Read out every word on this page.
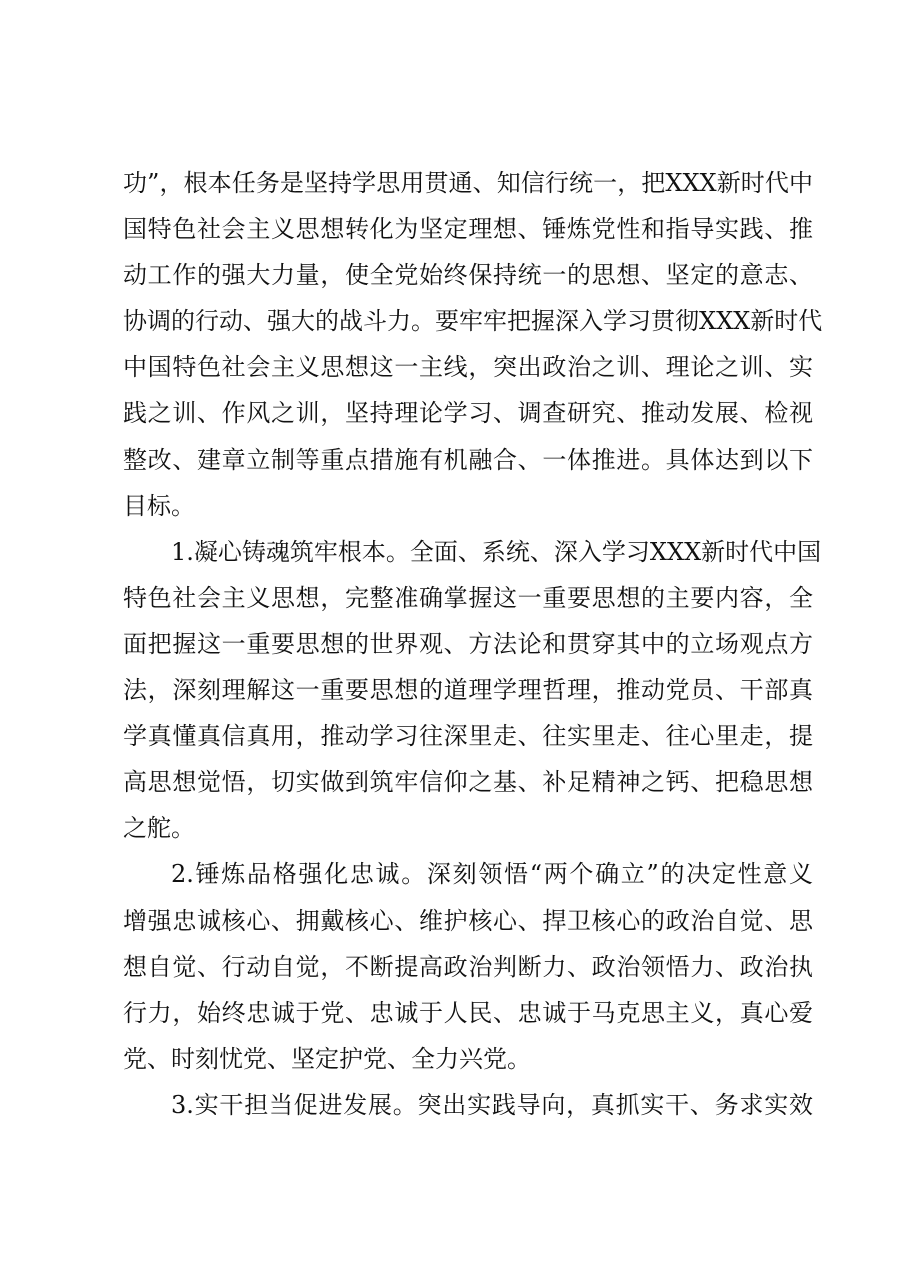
功”，根本任务是坚持学思用贯通、知信行统一，把XXX新时代中
国特色社会主义思想转化为坚定理想、锤炼党性和指导实践、推
动工作的强大力量，使全党始终保持统一的思想、坚定的意志、
协调的行动、强大的战斗力。要牢牢把握深入学习贯彻XXX新时代
中国特色社会主义思想这一主线，突出政治之训、理论之训、实
践之训、作风之训，坚持理论学习、调查研究、推动发展、检视
整改、建章立制等重点措施有机融合、一体推进。具体达到以下
目标。
1.凝心铸魂筑牢根本。全面、系统、深入学习XXX新时代中国
特色社会主义思想，完整准确掌握这一重要思想的主要内容，全
面把握这一重要思想的世界观、方法论和贯穿其中的立场观点方
法，深刻理解这一重要思想的道理学理哲理，推动党员、干部真
学真懂真信真用，推动学习往深里走、往实里走、往心里走，提
高思想觉悟，切实做到筑牢信仰之基、补足精神之钙、把稳思想
之舵。
2.锤炼品格强化忠诚。深刻领悟“两个确立”的决定性意义
增强忠诚核心、拥戴核心、维护核心、捍卫核心的政治自觉、思
想自觉、行动自觉，不断提高政治判断力、政治领悟力、政治执
行力，始终忠诚于党、忠诚于人民、忠诚于马克思主义，真心爱
党、时刻忧党、坚定护党、全力兴党。
3.实干担当促进发展。突出实践导向，真抓实干、务求实效
